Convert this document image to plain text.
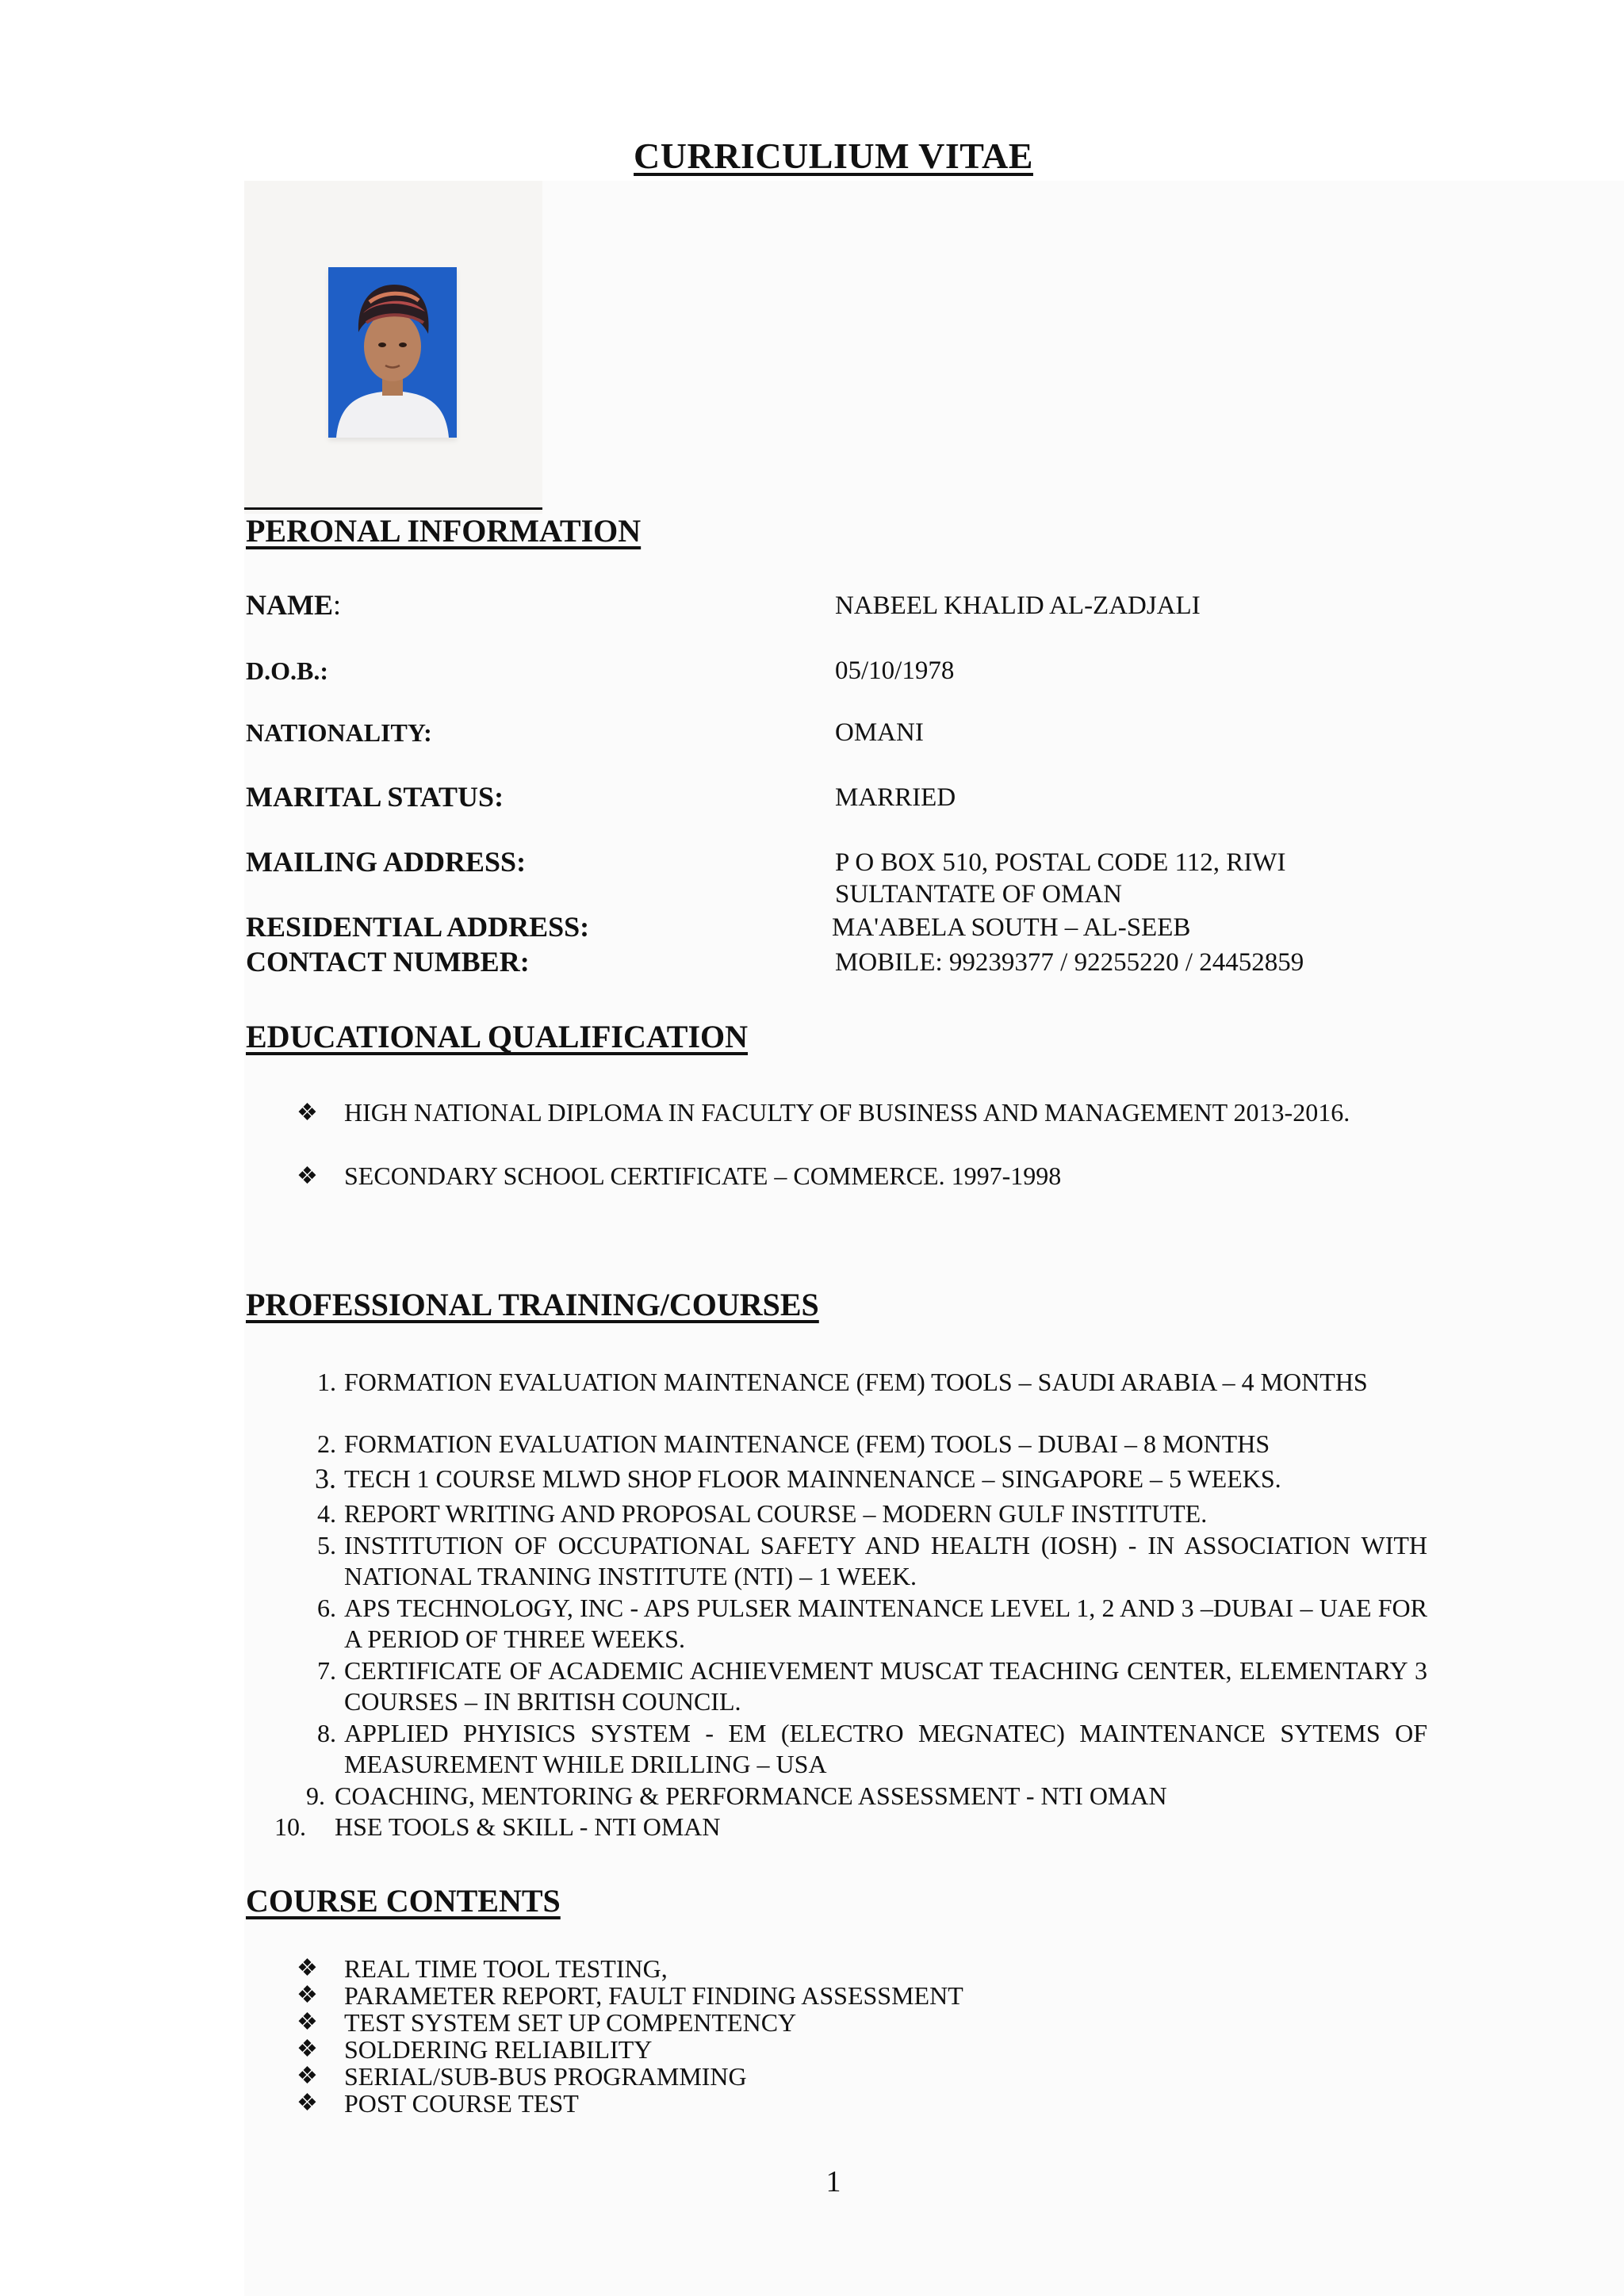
CURRICULIUM VITAE
PERONAL INFORMATION
NAME:	NABEEL KHALID AL-ZADJALI
D.O.B.:	05/10/1978
NATIONALITY:	OMANI
MARITAL STATUS:	MARRIED
MAILING ADDRESS:	P O BOX 510, POSTAL CODE 112, RIWI
SULTANTATE OF OMAN
RESIDENTIAL ADDRESS:	MA'ABELA SOUTH – AL-SEEB
CONTACT NUMBER:	MOBILE: 99239377 / 92255220 / 24452859
EDUCATIONAL QUALIFICATION
❖ HIGH NATIONAL DIPLOMA IN FACULTY OF BUSINESS AND MANAGEMENT 2013-2016.
❖ SECONDARY SCHOOL CERTIFICATE – COMMERCE. 1997-1998
PROFESSIONAL TRAINING/COURSES
1. FORMATION EVALUATION MAINTENANCE (FEM) TOOLS – SAUDI ARABIA – 4 MONTHS
2. FORMATION EVALUATION MAINTENANCE (FEM) TOOLS – DUBAI – 8 MONTHS
3. TECH 1 COURSE MLWD SHOP FLOOR MAINNENANCE – SINGAPORE – 5 WEEKS.
4. REPORT WRITING AND PROPOSAL COURSE – MODERN GULF INSTITUTE.
5. INSTITUTION OF OCCUPATIONAL SAFETY AND HEALTH (IOSH) - IN ASSOCIATION WITH NATIONAL TRANING INSTITUTE (NTI) – 1 WEEK.
6. APS TECHNOLOGY, INC - APS PULSER MAINTENANCE LEVEL 1, 2 AND 3 –DUBAI – UAE FOR A PERIOD OF THREE WEEKS.
7. CERTIFICATE OF ACADEMIC ACHIEVEMENT MUSCAT TEACHING CENTER, ELEMENTARY 3 COURSES – IN BRITISH COUNCIL.
8. APPLIED PHYISICS SYSTEM - EM (ELECTRO MEGNATEC) MAINTENANCE SYTEMS OF MEASUREMENT WHILE DRILLING – USA
9. COACHING, MENTORING & PERFORMANCE ASSESSMENT - NTI OMAN
10. HSE TOOLS & SKILL - NTI OMAN
COURSE CONTENTS
❖ REAL TIME TOOL TESTING,
❖ PARAMETER REPORT, FAULT FINDING ASSESSMENT
❖ TEST SYSTEM SET UP COMPENTENCY
❖ SOLDERING RELIABILITY
❖ SERIAL/SUB-BUS PROGRAMMING
❖ POST COURSE TEST
1
